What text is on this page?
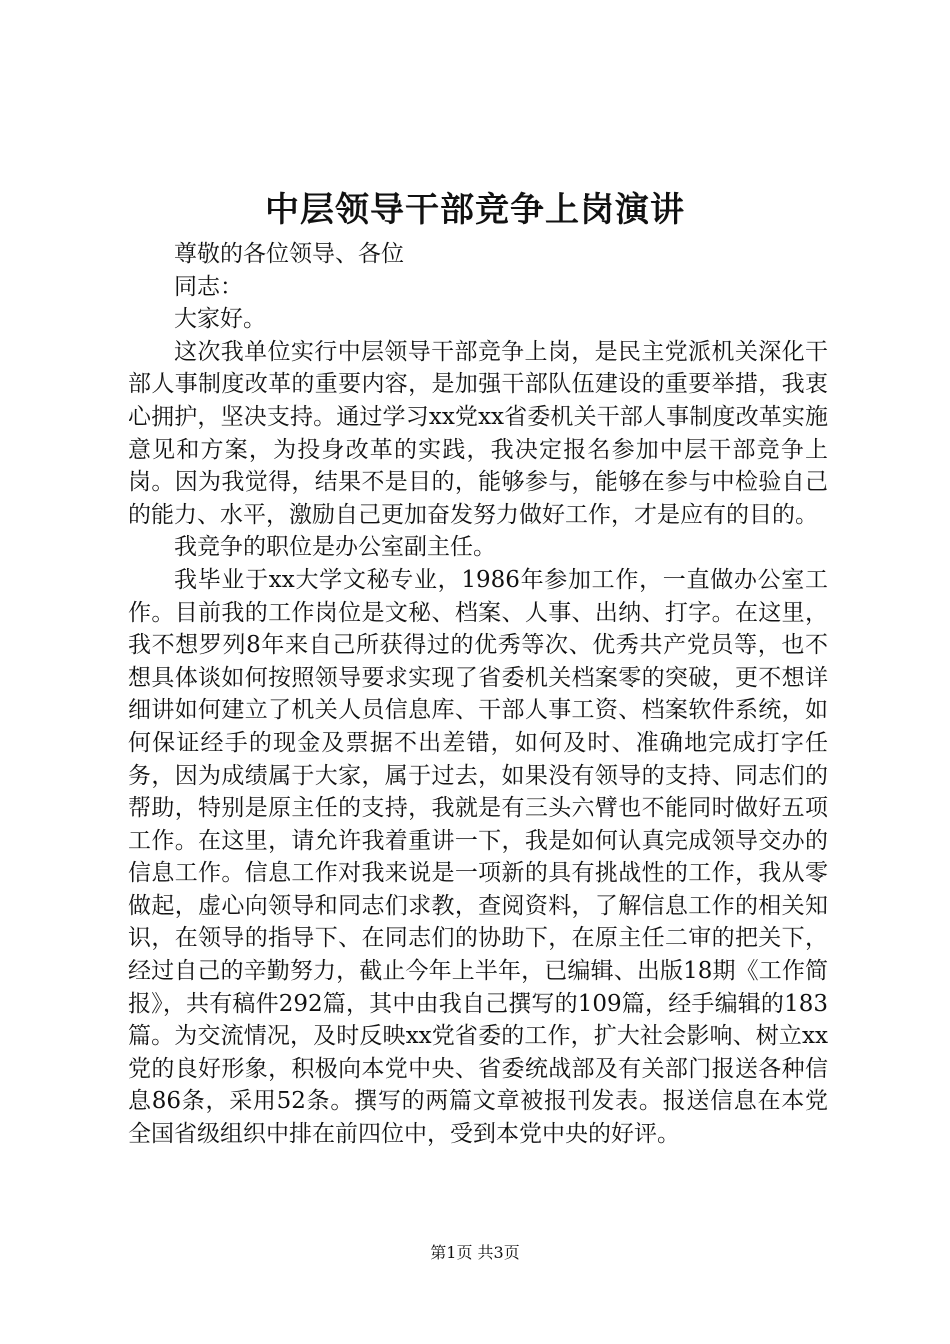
中层领导干部竞争上岗演讲

尊敬的各位领导、各位

同志：

大家好。

这次我单位实行中层领导干部竞争上岗，是民主党派机关深化干部人事制度改革的重要内容，是加强干部队伍建设的重要举措，我衷心拥护，坚决支持。通过学习xx党xx省委机关干部人事制度改革实施意见和方案，为投身改革的实践，我决定报名参加中层干部竞争上岗。因为我觉得，结果不是目的，能够参与，能够在参与中检验自己的能力、水平，激励自己更加奋发努力做好工作，才是应有的目的。

我竞争的职位是办公室副主任。

我毕业于xx大学文秘专业，1986年参加工作，一直做办公室工作。目前我的工作岗位是文秘、档案、人事、出纳、打字。在这里，我不想罗列8年来自己所获得过的优秀等次、优秀共产党员等，也不想具体谈如何按照领导要求实现了省委机关档案零的突破，更不想详细讲如何建立了机关人员信息库、干部人事工资、档案软件系统，如何保证经手的现金及票据不出差错，如何及时、准确地完成打字任务，因为成绩属于大家，属于过去，如果没有领导的支持、同志们的帮助，特别是原主任的支持，我就是有三头六臂也不能同时做好五项工作。在这里，请允许我着重讲一下，我是如何认真完成领导交办的信息工作。信息工作对我来说是一项新的具有挑战性的工作，我从零做起，虚心向领导和同志们求教，查阅资料，了解信息工作的相关知识，在领导的指导下、在同志们的协助下，在原主任二审的把关下，经过自己的辛勤努力，截止今年上半年，已编辑、出版18期《工作简报》，共有稿件292篇，其中由我自己撰写的109篇，经手编辑的183篇。为交流情况，及时反映xx党省委的工作，扩大社会影响、树立xx党的良好形象，积极向本党中央、省委统战部及有关部门报送各种信息86条，采用52条。撰写的两篇文章被报刊发表。报送信息在本党全国省级组织中排在前四位中，受到本党中央的好评。

第1页 共3页
